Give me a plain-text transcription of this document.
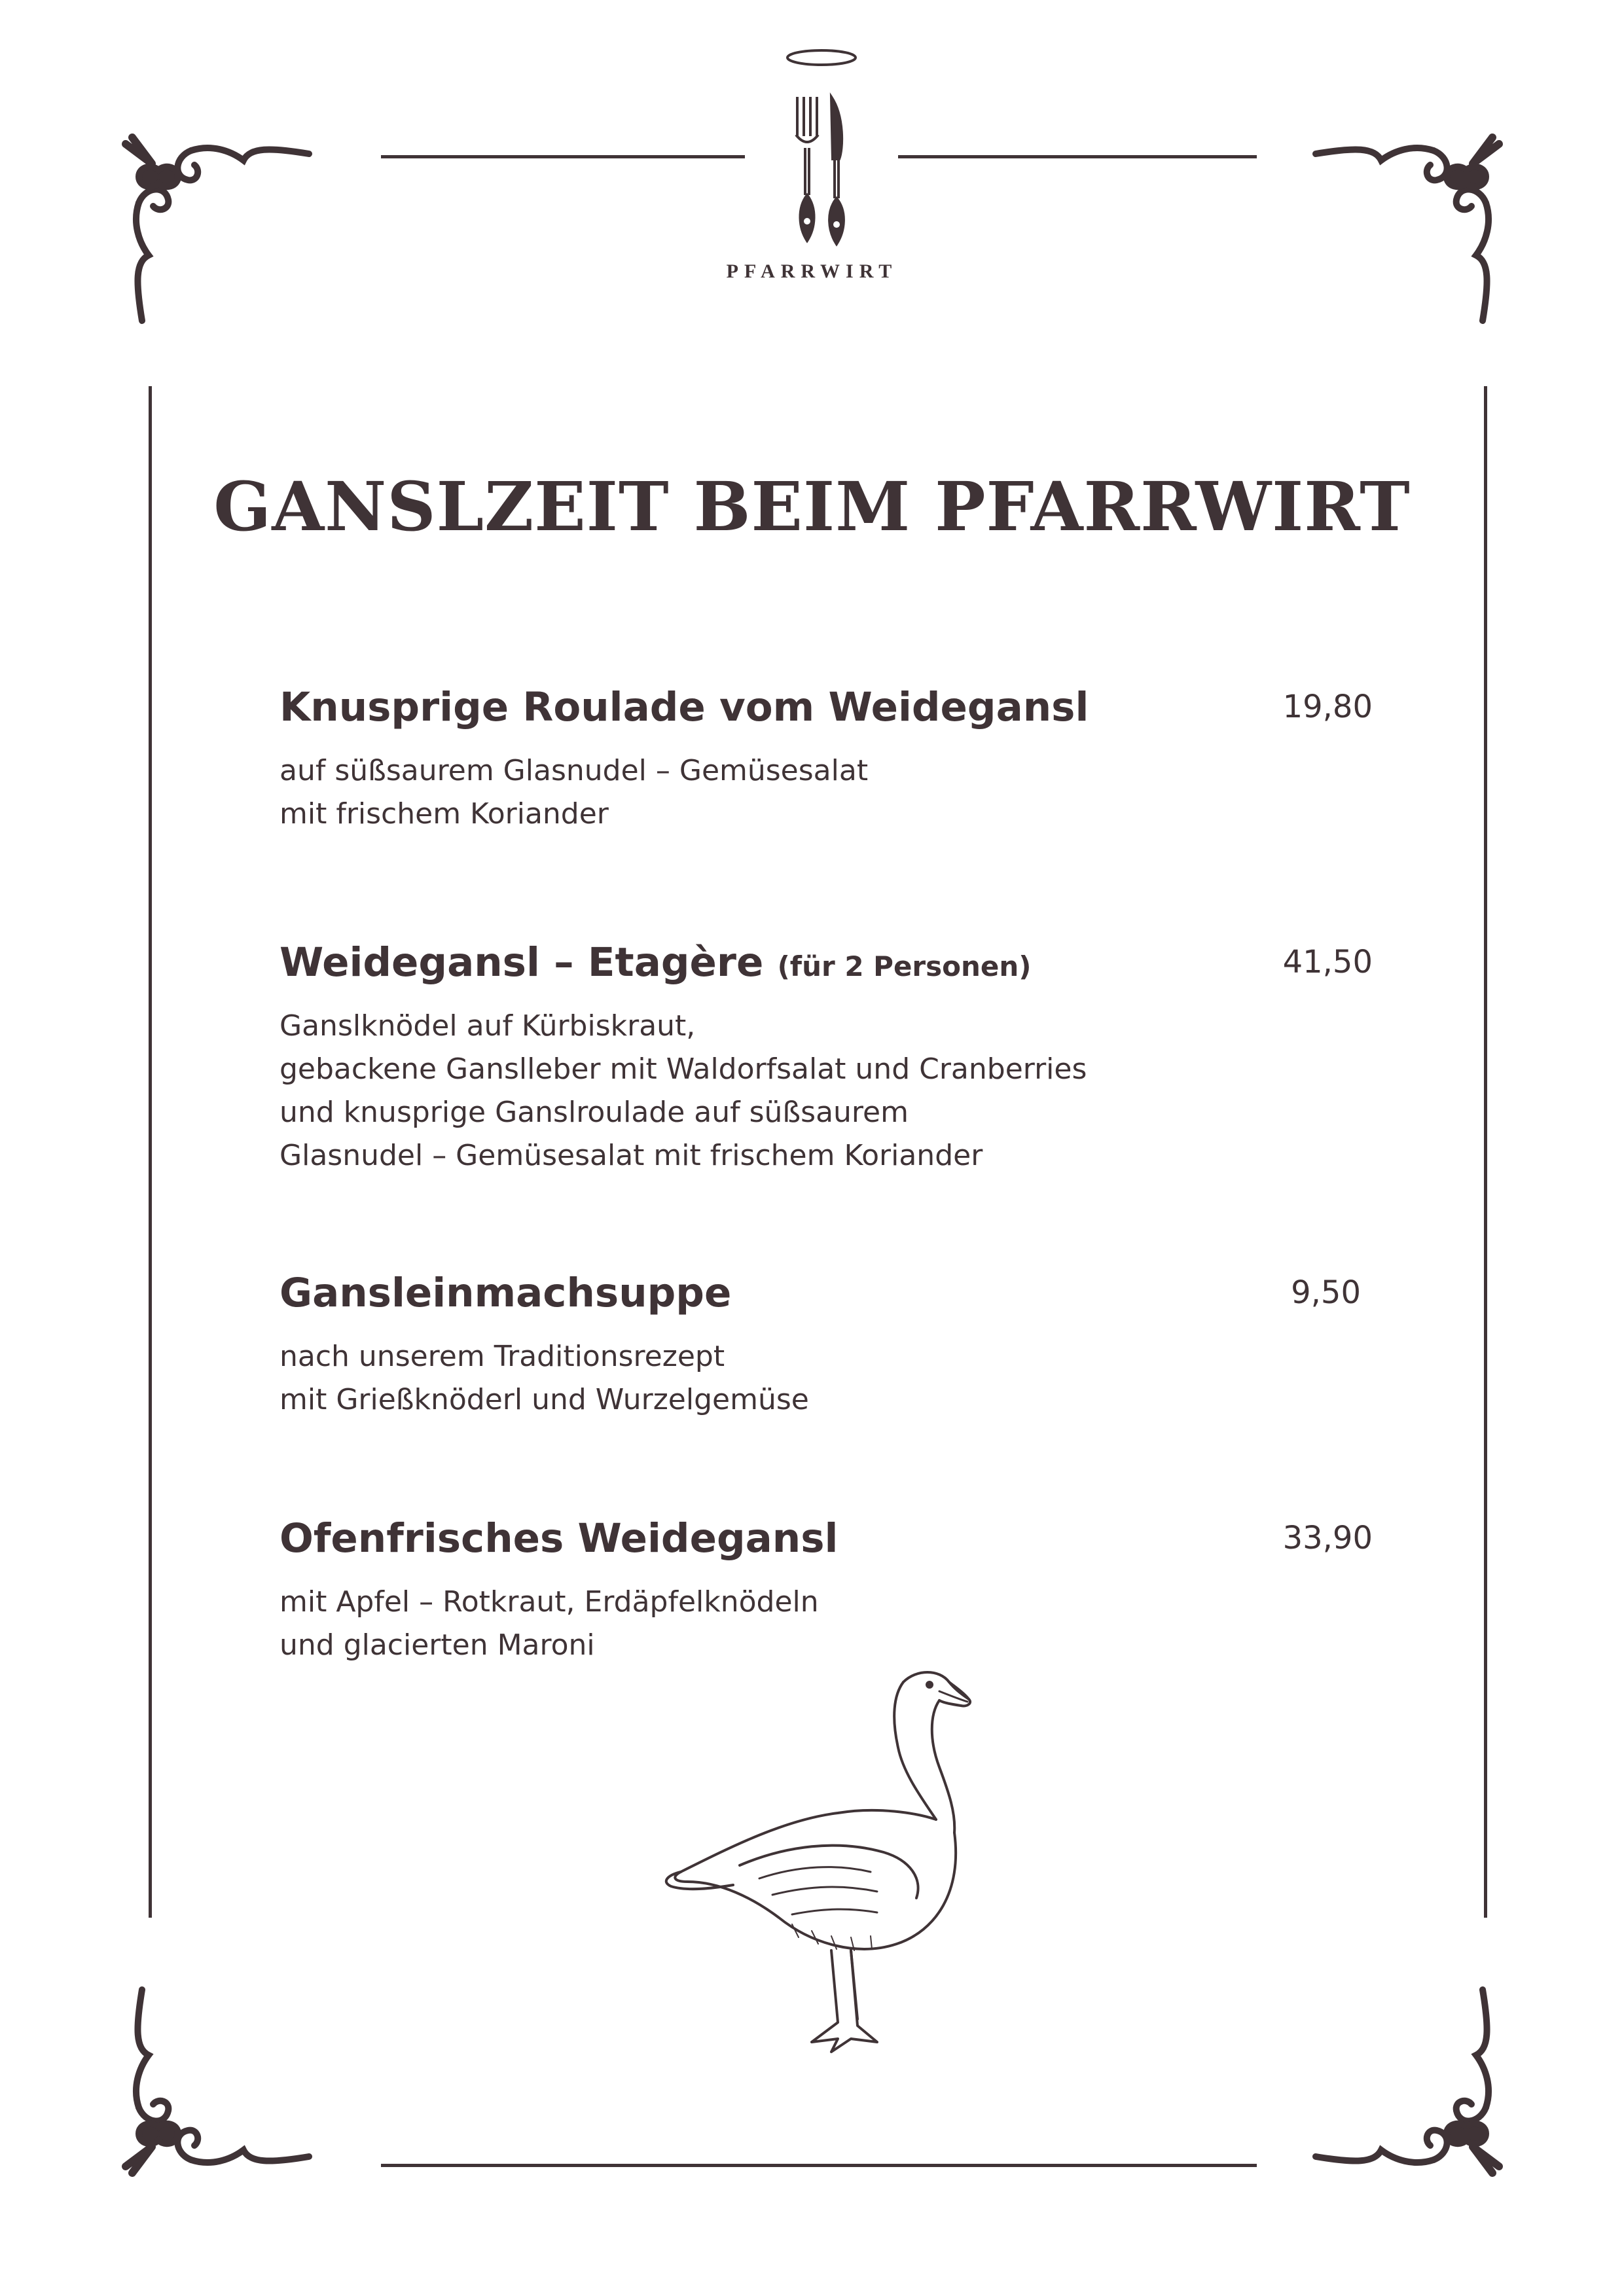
PFARRWIRT
GANSLZEIT BEIM PFARRWIRT
Knusprige Roulade vom Weidegansl	19,80
auf süßsaurem Glasnudel – Gemüsesalat
mit frischem Koriander
Weidegansl – Etagère (für 2 Personen)	41,50
Ganslknödel auf Kürbiskraut,
gebackene Ganslleber mit Waldorfsalat und Cranberries
und knusprige Ganslroulade auf süßsaurem
Glasnudel – Gemüsesalat mit frischem Koriander
Gansleinmachsuppe	9,50
nach unserem Traditionsrezept
mit Grießknöderl und Wurzelgemüse
Ofenfrisches Weidegansl	33,90
mit Apfel – Rotkraut, Erdäpfelknödeln
und glacierten Maroni
